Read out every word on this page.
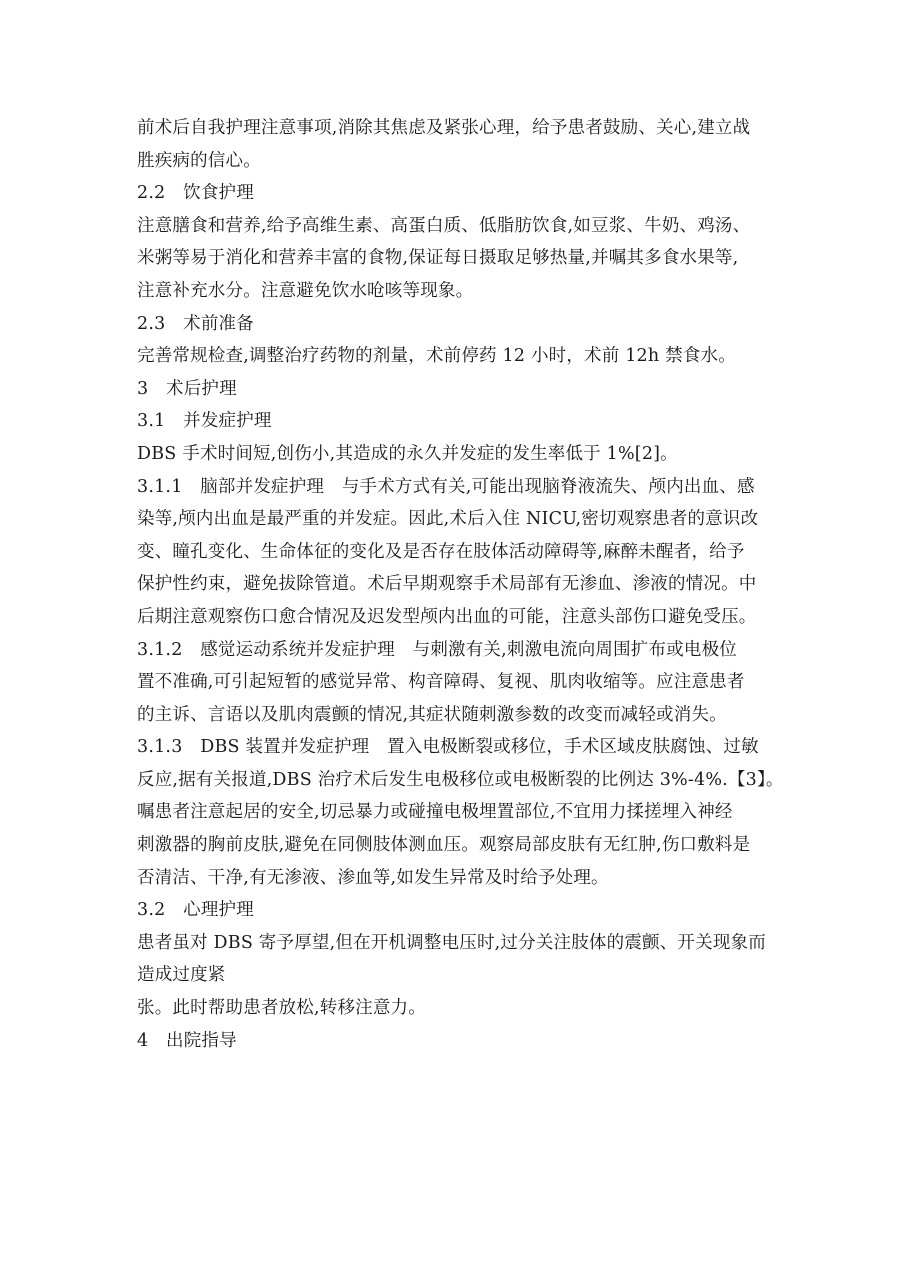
前术后自我护理注意事项,消除其焦虑及紧张心理，给予患者鼓励、关心,建立战

胜疾病的信心。

2.2　饮食护理

注意膳食和营养,给予高维生素、高蛋白质、低脂肪饮食,如豆浆、牛奶、鸡汤、

米粥等易于消化和营养丰富的食物,保证每日摄取足够热量,并嘱其多食水果等,

注意补充水分。注意避免饮水呛咳等现象。

2.3　术前准备

完善常规检查,调整治疗药物的剂量，术前停药 12 小时，术前 12h 禁食水。

3　术后护理

3.1　并发症护理

DBS 手术时间短,创伤小,其造成的永久并发症的发生率低于 1%[2]。

3.1.1　脑部并发症护理　与手术方式有关,可能出现脑脊液流失、颅内出血、感

染等,颅内出血是最严重的并发症。因此,术后入住 NICU,密切观察患者的意识改

变、瞳孔变化、生命体征的变化及是否存在肢体活动障碍等,麻醉未醒者，给予

保护性约束，避免拔除管道。术后早期观察手术局部有无渗血、渗液的情况。中

后期注意观察伤口愈合情况及迟发型颅内出血的可能，注意头部伤口避免受压。

3.1.2　感觉运动系统并发症护理　与刺激有关,刺激电流向周围扩布或电极位

置不准确,可引起短暂的感觉异常、构音障碍、复视、肌肉收缩等。应注意患者

的主诉、言语以及肌肉震颤的情况,其症状随刺激参数的改变而减轻或消失。

3.1.3　DBS 装置并发症护理　置入电极断裂或移位，手术区域皮肤腐蚀、过敏

反应,据有关报道,DBS 治疗术后发生电极移位或电极断裂的比例达 3%-4%.【3】。

嘱患者注意起居的安全,切忌暴力或碰撞电极埋置部位,不宜用力揉搓埋入神经

刺激器的胸前皮肤,避免在同侧肢体测血压。观察局部皮肤有无红肿,伤口敷料是

否清洁、干净,有无渗液、渗血等,如发生异常及时给予处理。

3.2　心理护理

患者虽对 DBS 寄予厚望,但在开机调整电压时,过分关注肢体的震颤、开关现象而

造成过度紧

张。此时帮助患者放松,转移注意力。

4　出院指导
